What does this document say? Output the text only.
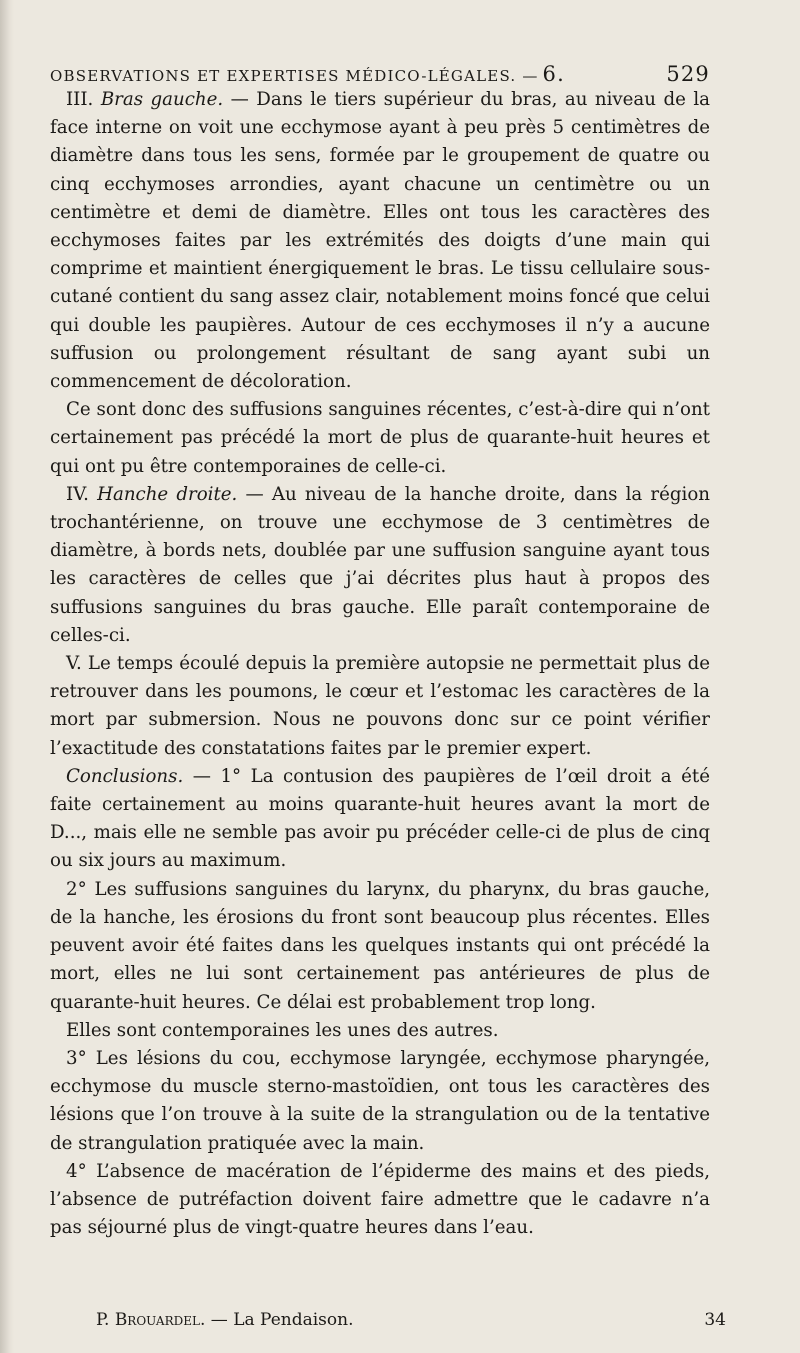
OBSERVATIONS ET EXPERTISES MÉDICO-LÉGALES. — 6.	529

III. Bras gauche. — Dans le tiers supérieur du bras, au niveau de la face interne on voit une ecchymose ayant à peu près 5 centimètres de diamètre dans tous les sens, formée par le groupement de quatre ou cinq ecchymoses arrondies, ayant chacune un centimètre ou un centimètre et demi de diamètre. Elles ont tous les caractères des ecchymoses faites par les extrémités des doigts d’une main qui comprime et maintient énergiquement le bras. Le tissu cellulaire sous-cutané contient du sang assez clair, notablement moins foncé que celui qui double les paupières. Autour de ces ecchymoses il n’y a aucune suffusion ou prolongement résultant de sang ayant subi un commencement de décoloration.

Ce sont donc des suffusions sanguines récentes, c’est-à-dire qui n’ont certainement pas précédé la mort de plus de quarante-huit heures et qui ont pu être contemporaines de celle-ci.

IV. Hanche droite. — Au niveau de la hanche droite, dans la région trochantérienne, on trouve une ecchymose de 3 centimètres de diamètre, à bords nets, doublée par une suffusion sanguine ayant tous les caractères de celles que j’ai décrites plus haut à propos des suffusions sanguines du bras gauche. Elle paraît contemporaine de celles-ci.

V. Le temps écoulé depuis la première autopsie ne permettait plus de retrouver dans les poumons, le cœur et l’estomac les caractères de la mort par submersion. Nous ne pouvons donc sur ce point vérifier l’exactitude des constatations faites par le premier expert.

Conclusions. — 1° La contusion des paupières de l’œil droit a été faite certainement au moins quarante-huit heures avant la mort de D..., mais elle ne semble pas avoir pu précéder celle-ci de plus de cinq ou six jours au maximum.

2° Les suffusions sanguines du larynx, du pharynx, du bras gauche, de la hanche, les érosions du front sont beaucoup plus récentes. Elles peuvent avoir été faites dans les quelques instants qui ont précédé la mort, elles ne lui sont certainement pas antérieures de plus de quarante-huit heures. Ce délai est probablement trop long.

Elles sont contemporaines les unes des autres.

3° Les lésions du cou, ecchymose laryngée, ecchymose pharyngée, ecchymose du muscle sterno-mastoïdien, ont tous les caractères des lésions que l’on trouve à la suite de la strangulation ou de la tentative de strangulation pratiquée avec la main.

4° L’absence de macération de l’épiderme des mains et des pieds, l’absence de putréfaction doivent faire admettre que le cadavre n’a pas séjourné plus de vingt-quatre heures dans l’eau.

P. Brouardel. — La Pendaison.	34
